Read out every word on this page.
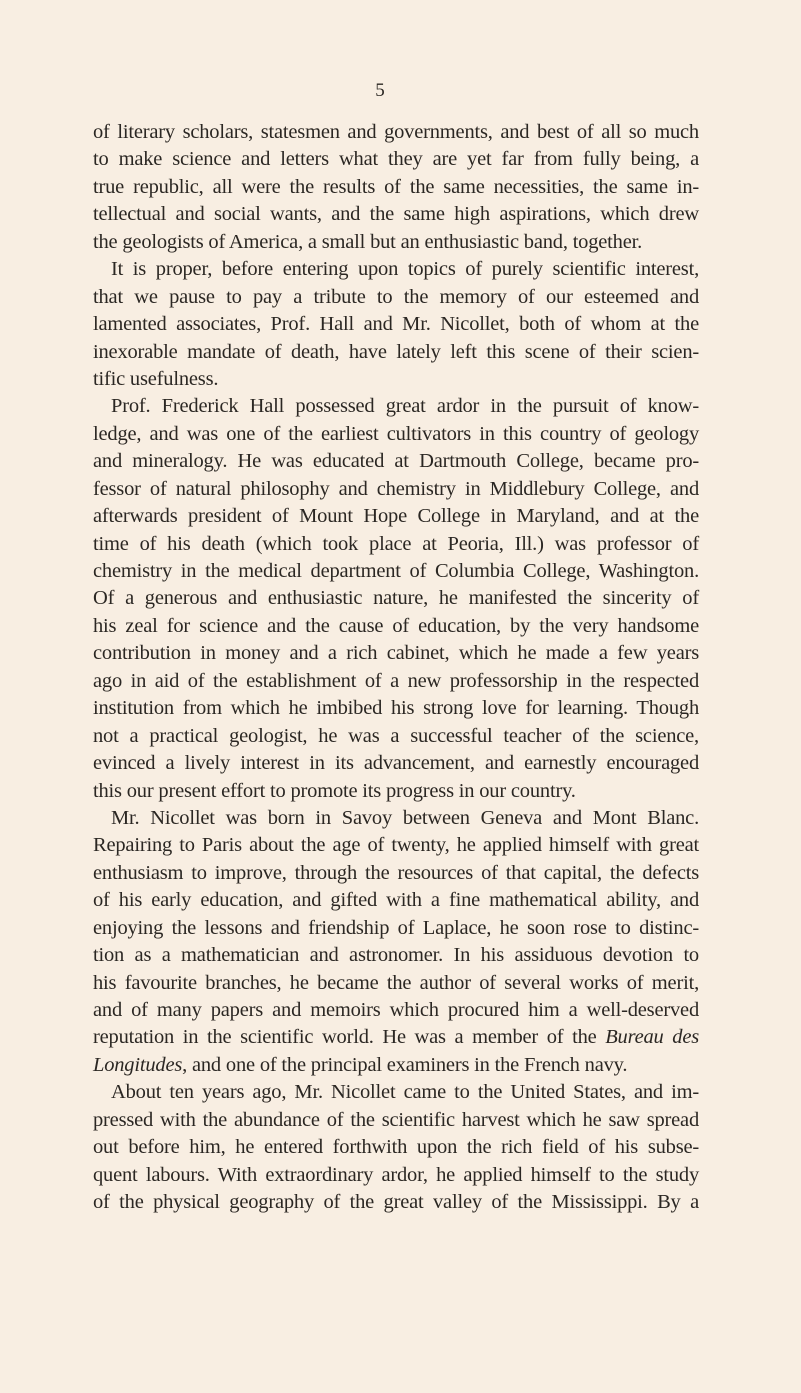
5
of literary scholars, statesmen and governments, and best of all so much
to make science and letters what they are yet far from fully being, a
true republic, all were the results of the same necessities, the same in-
tellectual and social wants, and the same high aspirations, which drew
the geologists of America, a small but an enthusiastic band, together.
It is proper, before entering upon topics of purely scientific interest,
that we pause to pay a tribute to the memory of our esteemed and
lamented associates, Prof. Hall and Mr. Nicollet, both of whom at the
inexorable mandate of death, have lately left this scene of their scien-
tific usefulness.
Prof. Frederick Hall possessed great ardor in the pursuit of know-
ledge, and was one of the earliest cultivators in this country of geology
and mineralogy. He was educated at Dartmouth College, became pro-
fessor of natural philosophy and chemistry in Middlebury College, and
afterwards president of Mount Hope College in Maryland, and at the
time of his death (which took place at Peoria, Ill.) was professor of
chemistry in the medical department of Columbia College, Washington.
Of a generous and enthusiastic nature, he manifested the sincerity of
his zeal for science and the cause of education, by the very handsome
contribution in money and a rich cabinet, which he made a few years
ago in aid of the establishment of a new professorship in the respected
institution from which he imbibed his strong love for learning. Though
not a practical geologist, he was a successful teacher of the science,
evinced a lively interest in its advancement, and earnestly encouraged
this our present effort to promote its progress in our country.
Mr. Nicollet was born in Savoy between Geneva and Mont Blanc.
Repairing to Paris about the age of twenty, he applied himself with great
enthusiasm to improve, through the resources of that capital, the defects
of his early education, and gifted with a fine mathematical ability, and
enjoying the lessons and friendship of Laplace, he soon rose to distinc-
tion as a mathematician and astronomer. In his assiduous devotion to
his favourite branches, he became the author of several works of merit,
and of many papers and memoirs which procured him a well-deserved
reputation in the scientific world. He was a member of the Bureau des
Longitudes, and one of the principal examiners in the French navy.
About ten years ago, Mr. Nicollet came to the United States, and im-
pressed with the abundance of the scientific harvest which he saw spread
out before him, he entered forthwith upon the rich field of his subse-
quent labours. With extraordinary ardor, he applied himself to the study
of the physical geography of the great valley of the Mississippi. By a
